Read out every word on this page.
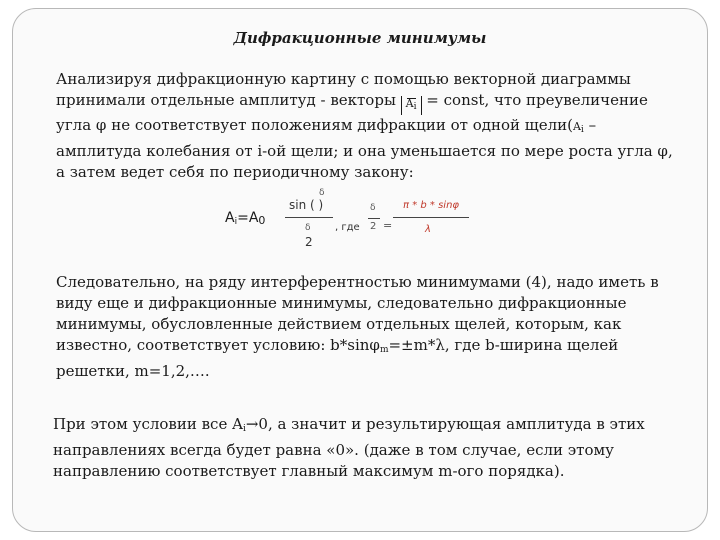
Дифракционные минимумы
Анализируя дифракционную картину с помощью векторной диаграммы
принимали отдельные амплитуд - векторы $A_i$ = const, что преувеличение
угла φ не соответствует положениям дифракции от одной $щели(A_i$ –
амплитуда колебания от i-ой щели; и она уменьшается по мере роста угла φ,
а затем ведет себя по периодичному закону:
$A_i=A0$
δ
sin ( )
δ
2
, где
δ
2 =
π * b * sinφ
λ
Следовательно, на ряду интерферентностью минимумами (4), надо иметь в
виду еще и дифракционные минимумы, следовательно дифракционные
минимумы, обусловленные действием отдельных щелей, которым, как
известно, соответствует условию: b*sinφ$_m$=±m*λ, где b-ширина щелей
решетки, m=1,2,….
При этом условии все $A_i\to 0$, а значит и результирующая амплитуда в этих
направлениях всегда будет равна «0». (даже в том случае, если этому
направлению соответствует главный максимум m-ого порядка).
